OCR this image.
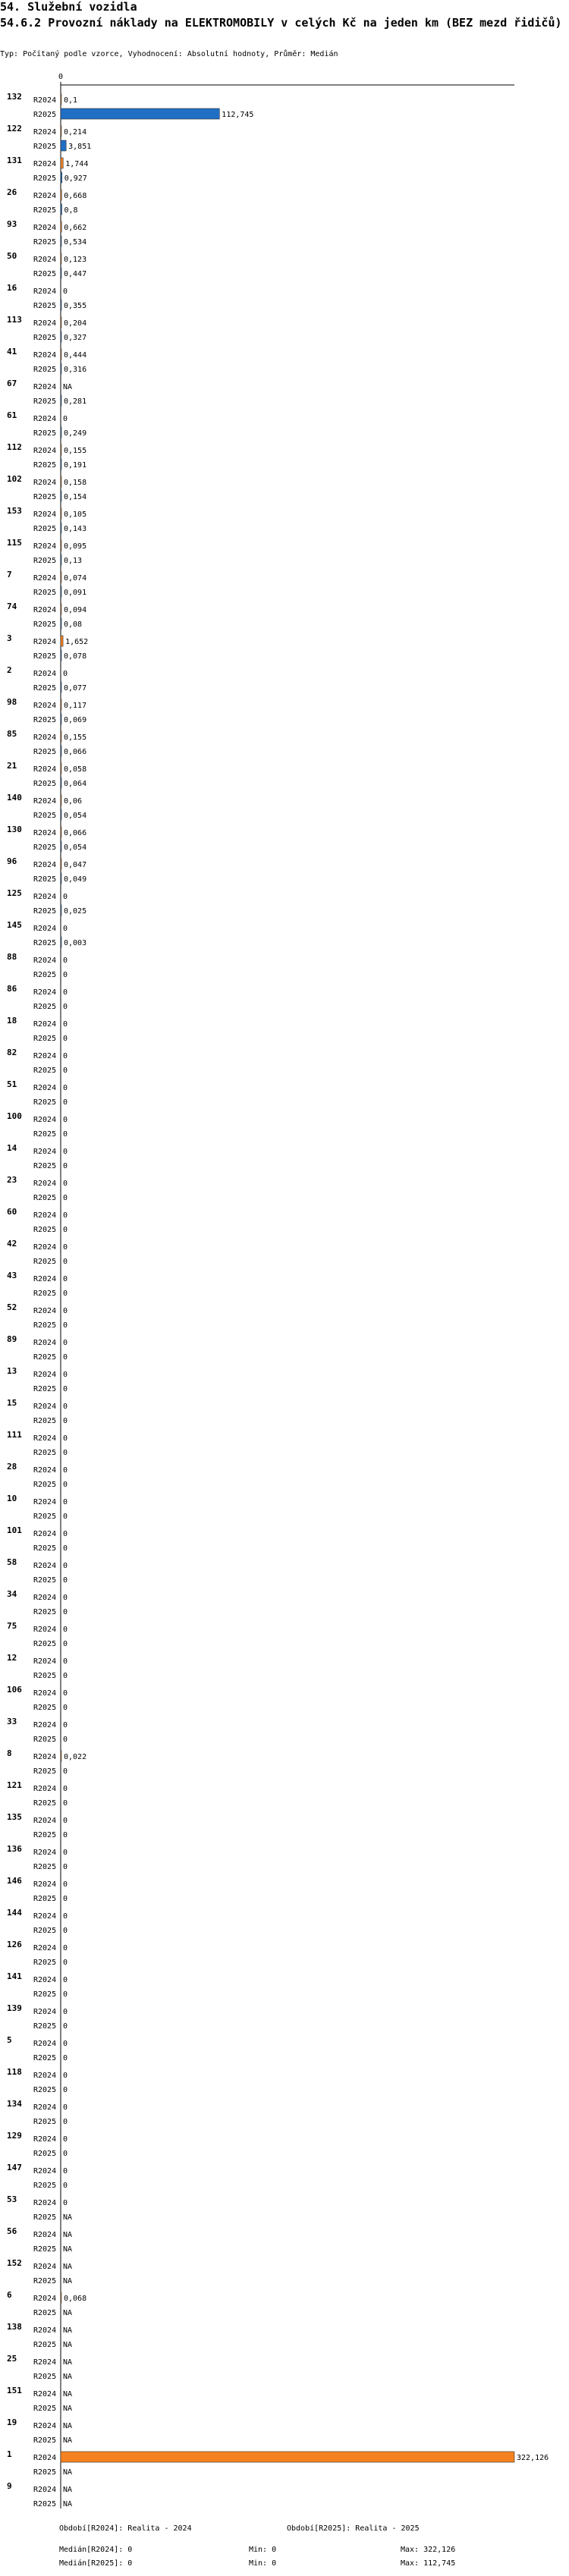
54. Služební vozidla
54.6.2 Provozní náklady na ELEKTROMOBILY v celých Kč na jeden km (BEZ mezd řidičů)
Typ: Počítaný podle vzorce, Vyhodnocení: Absolutní hodnoty, Průměr: Medián
0
132 R2024 0,1
R2025	112,745
122 R2024 0,214
R2025 3,851
131 R2024 1,744
R2025 0,927
26 R2024 0,668
R2025 0,8
93 R2024 0,662
R2025 0,534
50 R2024 0,123
R2025 0,447
16 R2024 0
R2025 0,355
113 R2024 0,204
R2025 0,327
41 R2024 0,444
R2025 0,316
67 R2024 NA
R2025 0,281
61 R2024 0
R2025 0,249
112 R2024 0,155
R2025 0,191
102 R2024 0,158
R2025 0,154
153 R2024 0,105
R2025 0,143
115 R2024 0,095
R2025 0,13
7	R2024 0,074
R2025 0,091
74 R2024 0,094
R2025 0,08
3	R2024 1,652
R2025 0,078
2	R2024 0
R2025 0,077
98 R2024 0,117
R2025 0,069
85 R2024 0,155
R2025 0,066
21 R2024 0,058
R2025 0,064
140 R2024 0,06
R2025 0,054
130 R2024 0,066
R2025 0,054
96 R2024 0,047
R2025 0,049
125 R2024 0
R2025 0,025
145 R2024 0
R2025 0,003
88 R2024 0
R2025 0
86 R2024 0
R2025 0
18 R2024 0
R2025 0
82 R2024 0
R2025 0
51 R2024 0
R2025 0
100 R2024 0
R2025 0
14 R2024 0
R2025 0
23 R2024 0
R2025 0
60 R2024 0
R2025 0
42 R2024 0
R2025 0
43 R2024 0
R2025 0
52 R2024 0
R2025 0
89 R2024 0
R2025 0
13 R2024 0
R2025 0
15 R2024 0
R2025 0
111 R2024 0
R2025 0
28 R2024 0
R2025 0
10 R2024 0
R2025 0
101 R2024 0
R2025 0
58 R2024 0
R2025 0
34 R2024 0
R2025 0
75 R2024 0
R2025 0
12 R2024 0
R2025 0
106 R2024 0
R2025 0
33 R2024 0
R2025 0
8	R2024 0,022
R2025 0
121 R2024 0
R2025 0
135 R2024 0
R2025 0
136 R2024 0
R2025 0
146 R2024 0
R2025 0
144 R2024 0
R2025 0
126 R2024 0
R2025 0
141 R2024 0
R2025 0
139 R2024 0
R2025 0
5	R2024 0
R2025 0
118 R2024 0
R2025 0
134 R2024 0
R2025 0
129 R2024 0
R2025 0
147 R2024 0
R2025 0
53 R2024 0
R2025 NA
56 R2024 NA
R2025 NA
152 R2024 NA
R2025 NA
6	R2024 0,068
R2025 NA
138 R2024 NA
R2025 NA
25 R2024 NA
R2025 NA
151 R2024 NA
R2025 NA
19 R2024 NA
R2025 NA
1	R2024	322,126
R2025 NA
9	R2024 NA
R2025 NA
Období[R2024]: Realita - 2024	Období[R2025]: Realita - 2025
Medián[R2024]: 0	Min: 0	Max: 322,126
Medián[R2025]: 0	Min: 0	Max: 112,745
